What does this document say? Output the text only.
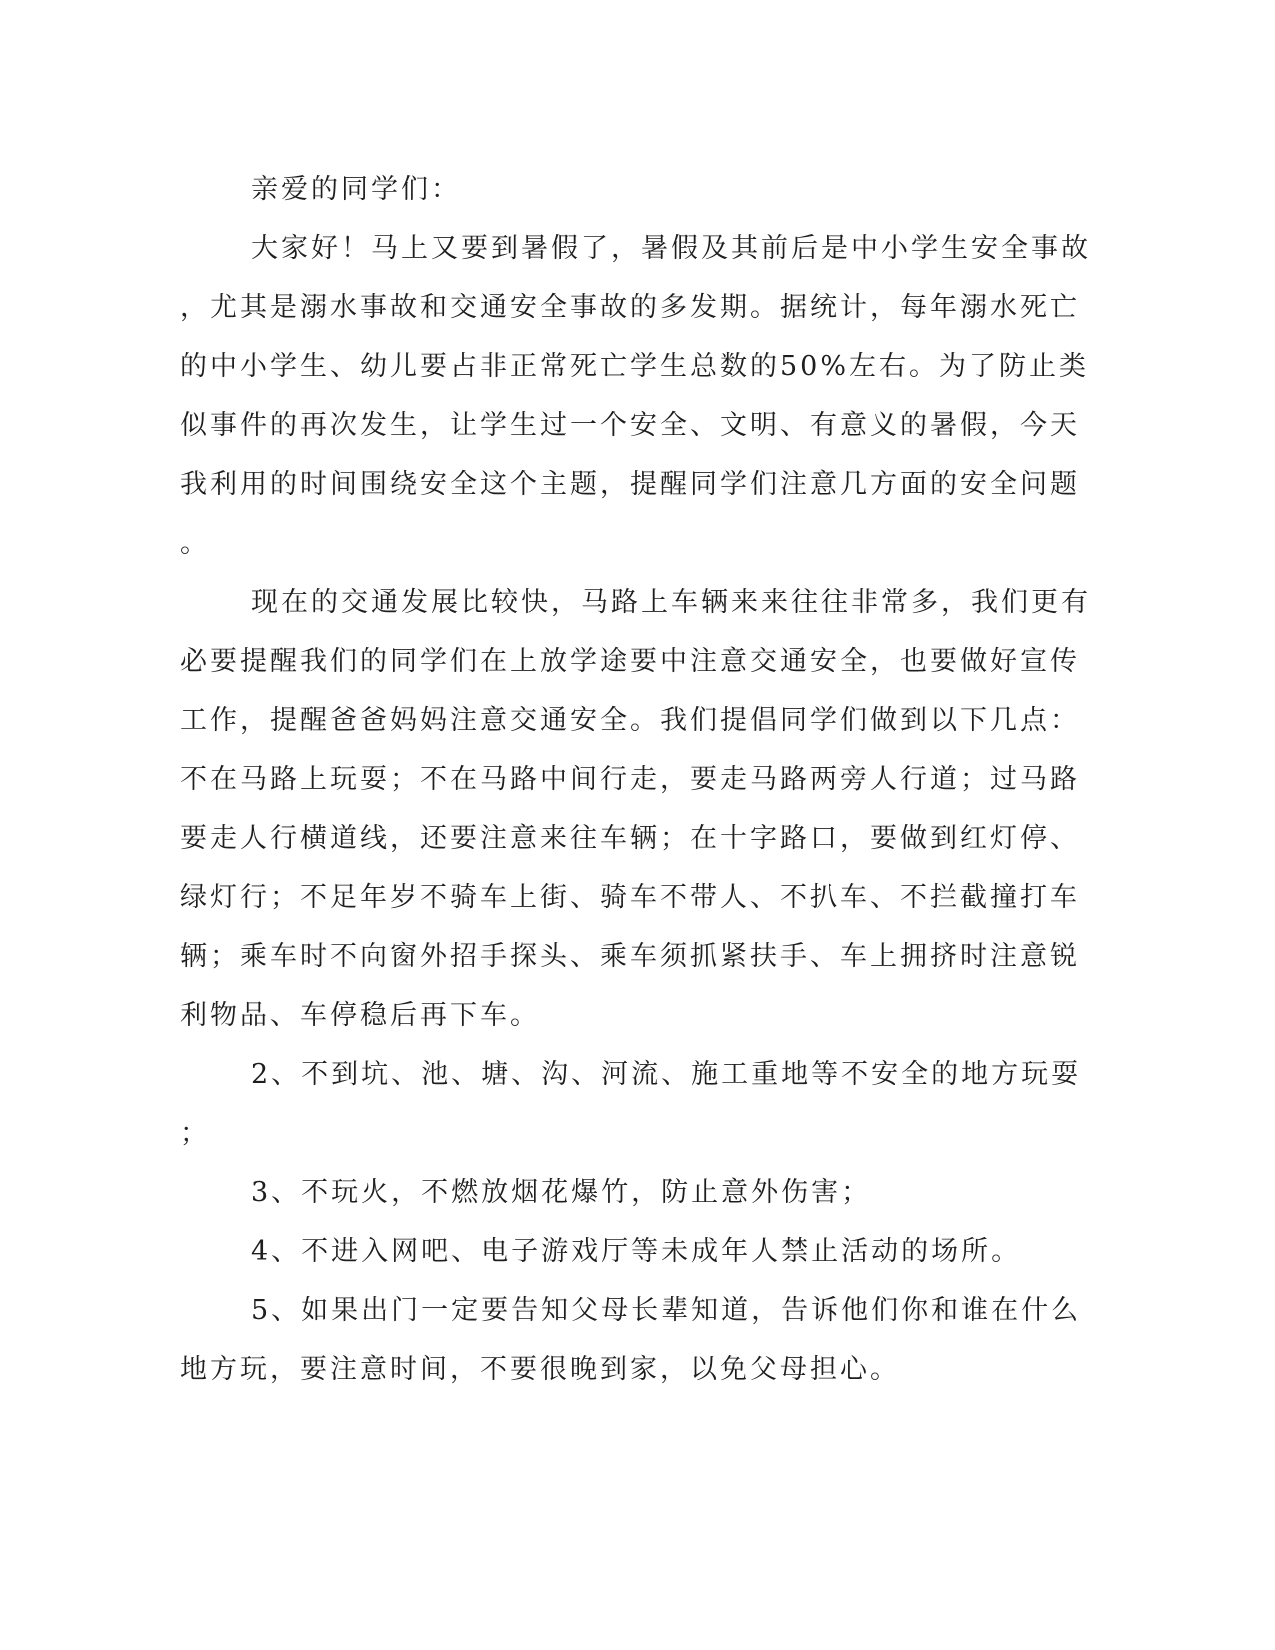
亲爱的同学们：

大家好！马上又要到暑假了，暑假及其前后是中小学生安全事故
，尤其是溺水事故和交通安全事故的多发期。据统计，每年溺水死亡
的中小学生、幼儿要占非正常死亡学生总数的50%左右。为了防止类
似事件的再次发生，让学生过一个安全、文明、有意义的暑假，今天
我利用的时间围绕安全这个主题，提醒同学们注意几方面的安全问题
。

现在的交通发展比较快，马路上车辆来来往往非常多，我们更有
必要提醒我们的同学们在上放学途要中注意交通安全，也要做好宣传
工作，提醒爸爸妈妈注意交通安全。我们提倡同学们做到以下几点：
不在马路上玩耍；不在马路中间行走，要走马路两旁人行道；过马路
要走人行横道线，还要注意来往车辆；在十字路口，要做到红灯停、
绿灯行；不足年岁不骑车上街、骑车不带人、不扒车、不拦截撞打车
辆；乘车时不向窗外招手探头、乘车须抓紧扶手、车上拥挤时注意锐
利物品、车停稳后再下车。

2、不到坑、池、塘、沟、河流、施工重地等不安全的地方玩耍
；

3、不玩火，不燃放烟花爆竹，防止意外伤害；

4、不进入网吧、电子游戏厅等未成年人禁止活动的场所。

5、如果出门一定要告知父母长辈知道，告诉他们你和谁在什么
地方玩，要注意时间，不要很晚到家，以免父母担心。
